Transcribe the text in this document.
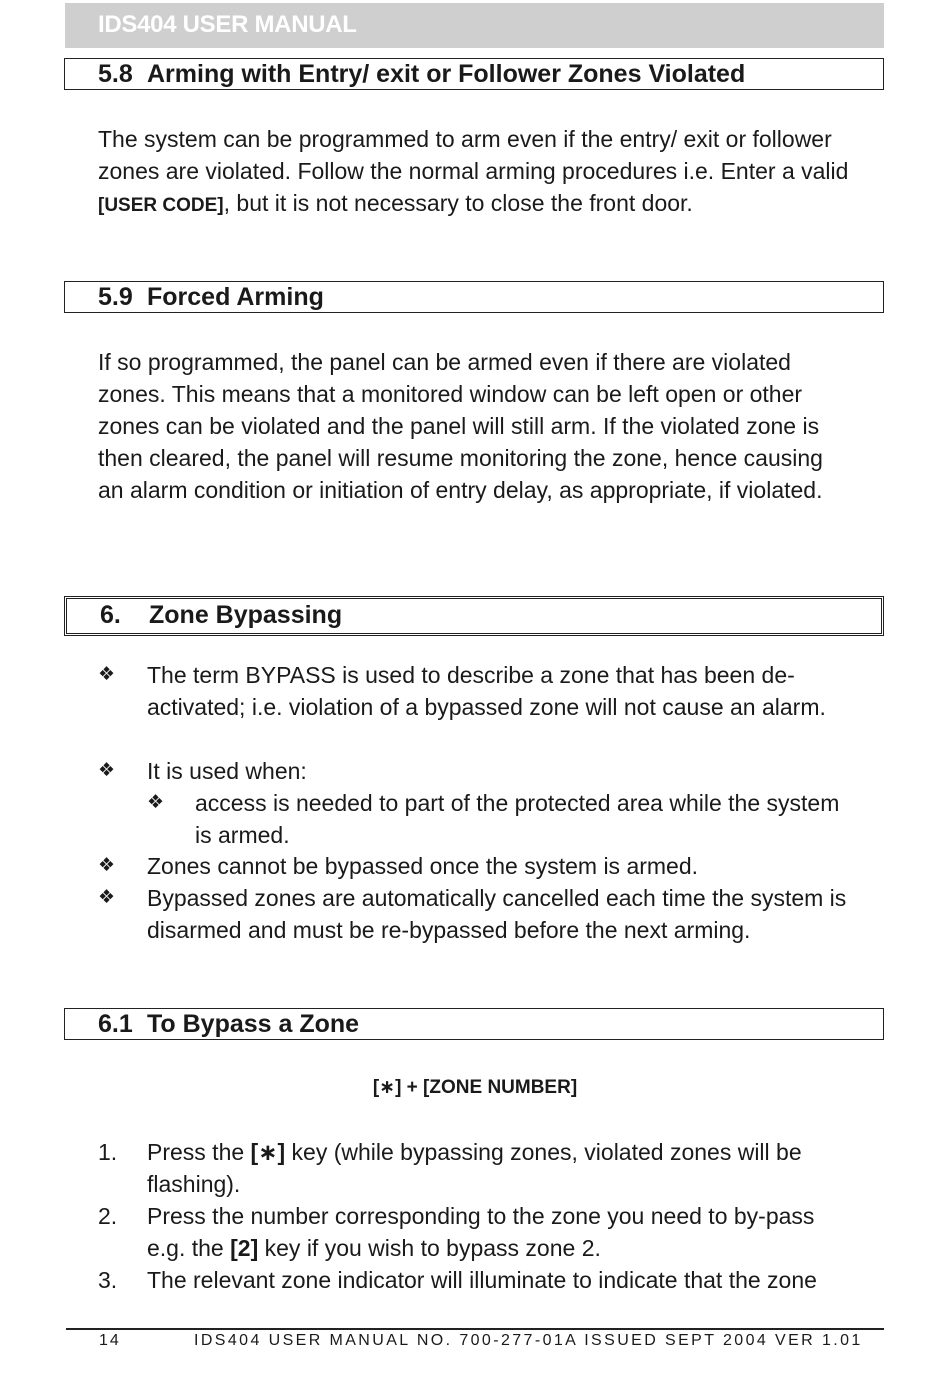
IDS404 USER MANUAL
5.8 Arming with Entry/ exit or Follower Zones Violated

The system can be programmed to arm even if the entry/ exit or follower zones are violated. Follow the normal arming procedures i.e. Enter a valid [USER CODE], but it is not necessary to close the front door.

5.9 Forced Arming

If so programmed, the panel can be armed even if there are violated zones. This means that a monitored window can be left open or other zones can be violated and the panel will still arm. If the violated zone is then cleared, the panel will resume monitoring the zone, hence causing an alarm condition or initiation of entry delay, as appropriate, if violated.

6. Zone Bypassing
❖	The term BYPASS is used to describe a zone that has been de-activated; i.e. violation of a bypassed zone will not cause an alarm.
❖	It is used when:
❖	access is needed to part of the protected area while the system is armed.
❖	Zones cannot be bypassed once the system is armed.
❖	Bypassed zones are automatically cancelled each time the system is disarmed and must be re-bypassed before the next arming.
6.1 To Bypass a Zone
[∗] + [ZONE NUMBER]
1. Press the [∗] key (while bypassing zones, violated zones will be flashing).
2. Press the number corresponding to the zone you need to by-pass e.g. the [2] key if you wish to bypass zone 2.
3. The relevant zone indicator will illuminate to indicate that the zone
14	IDS404 USER MANUAL NO. 700-277-01A ISSUED SEPT 2004 VER 1.01
